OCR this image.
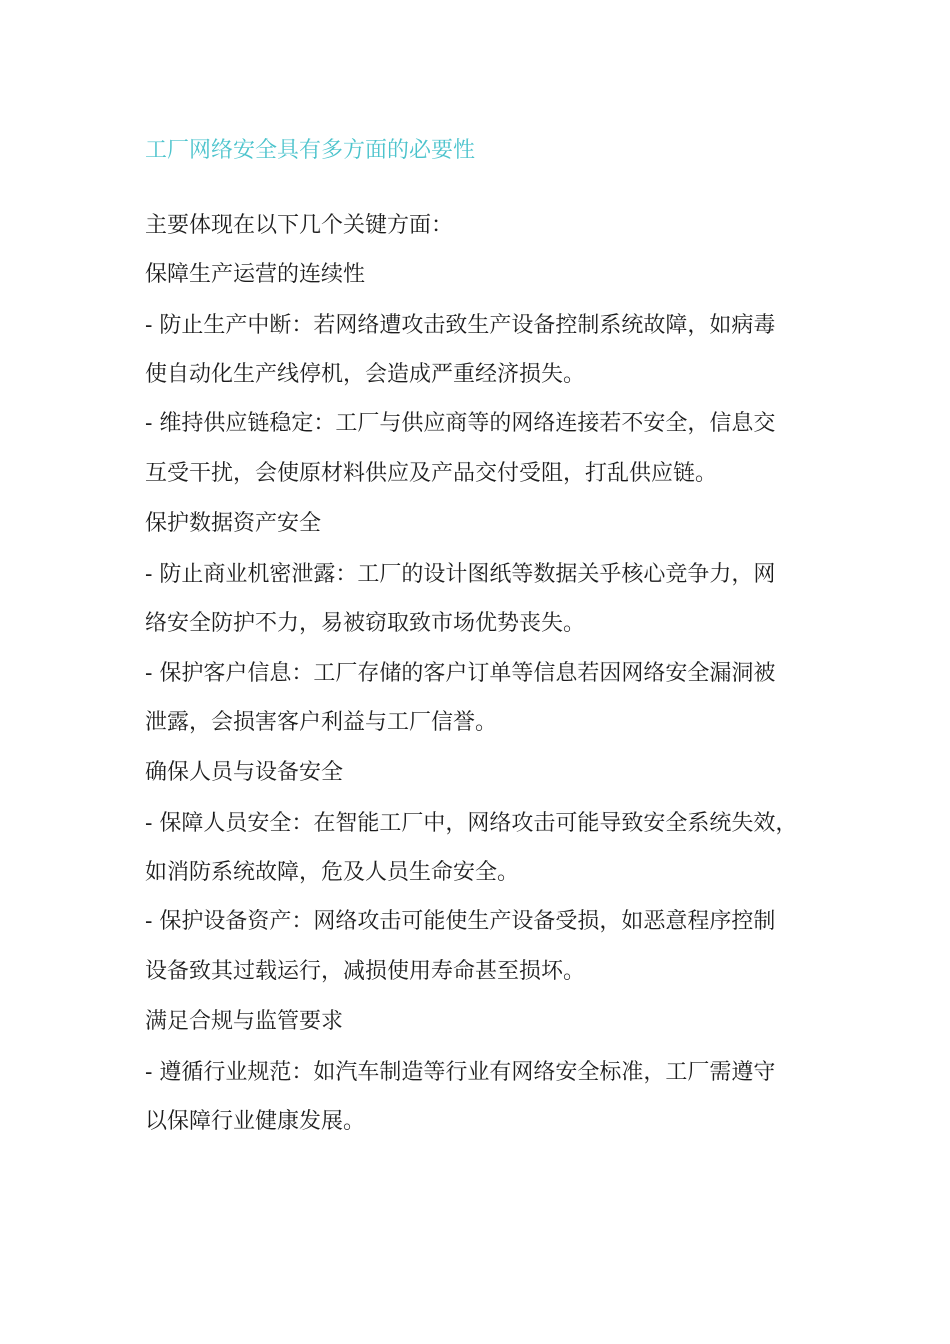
工厂网络安全具有多方面的必要性
主要体现在以下几个关键方面：
保障生产运营的连续性
- 防止生产中断：若网络遭攻击致生产设备控制系统故障，如病毒
使自动化生产线停机，会造成严重经济损失。
- 维持供应链稳定：工厂与供应商等的网络连接若不安全，信息交
互受干扰，会使原材料供应及产品交付受阻，打乱供应链。
保护数据资产安全
- 防止商业机密泄露：工厂的设计图纸等数据关乎核心竞争力，网
络安全防护不力，易被窃取致市场优势丧失。
- 保护客户信息：工厂存储的客户订单等信息若因网络安全漏洞被
泄露，会损害客户利益与工厂信誉。
确保人员与设备安全
- 保障人员安全：在智能工厂中，网络攻击可能导致安全系统失效，
如消防系统故障，危及人员生命安全。
- 保护设备资产：网络攻击可能使生产设备受损，如恶意程序控制
设备致其过载运行，减损使用寿命甚至损坏。
满足合规与监管要求
- 遵循行业规范：如汽车制造等行业有网络安全标准，工厂需遵守
以保障行业健康发展。
